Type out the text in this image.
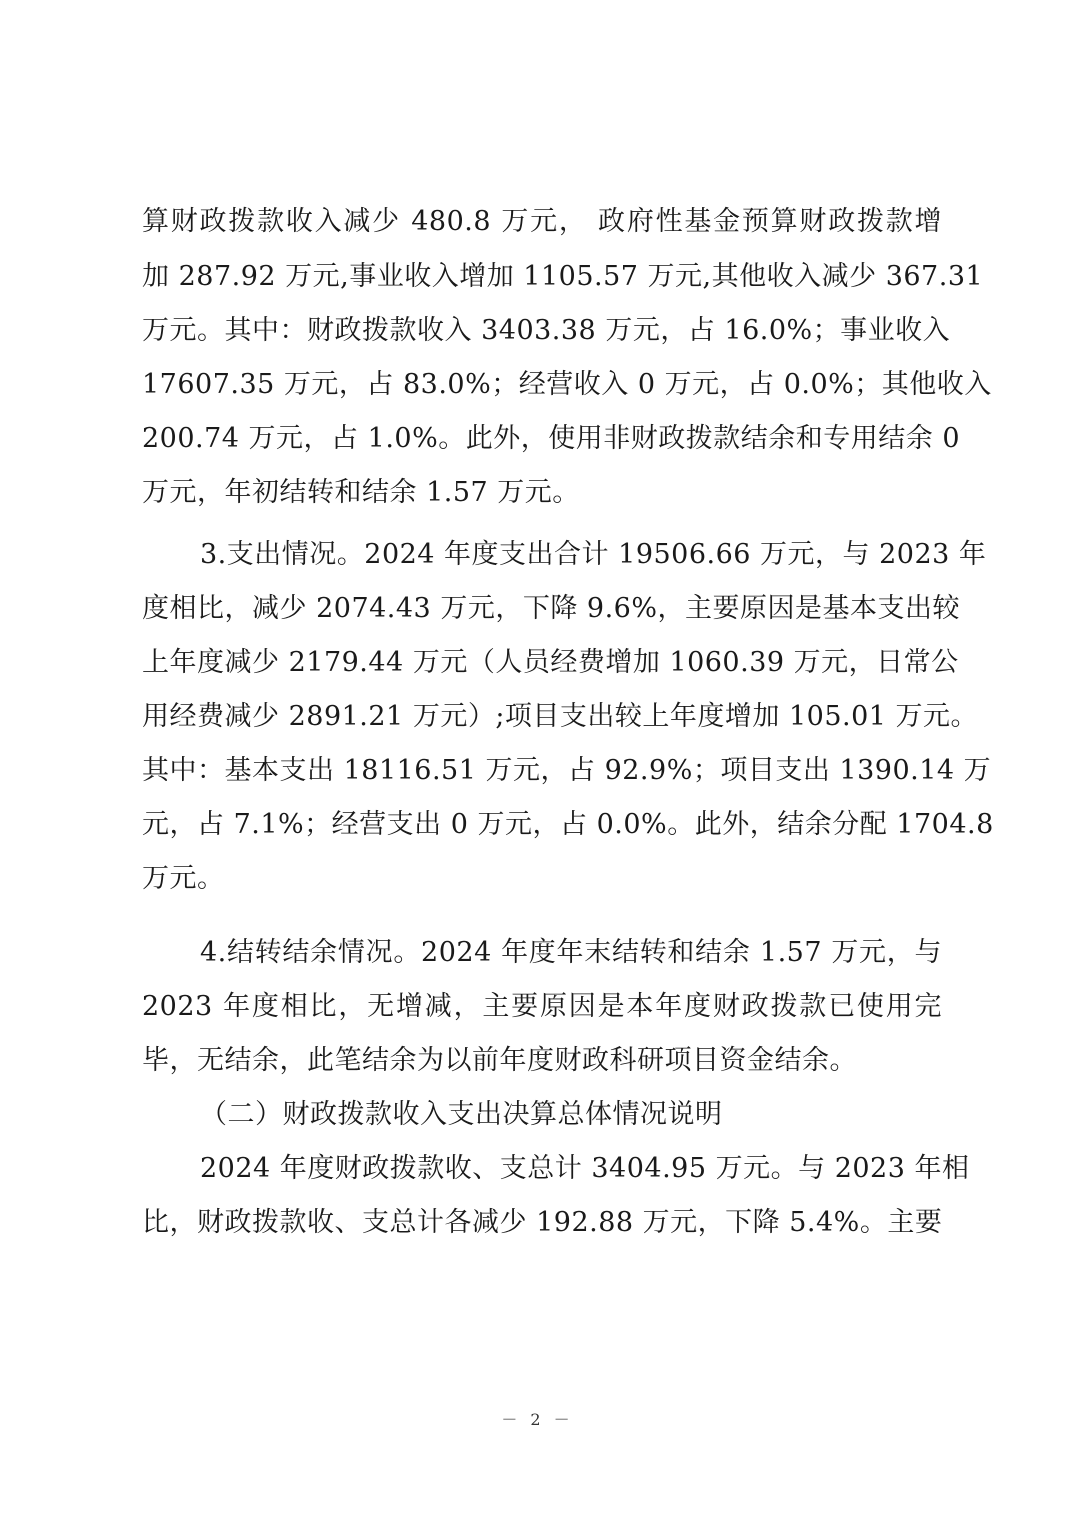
算财政拨款收入减少 480.8 万元， 政府性基金预算财政拨款增
加 287.92 万元,事业收入增加 1105.57 万元,其他收入减少 367.31
万元。其中：财政拨款收入 3403.38 万元，占 16.0%；事业收入
17607.35 万元，占 83.0%；经营收入 0 万元，占 0.0%；其他收入
200.74 万元，占 1.0%。此外，使用非财政拨款结余和专用结余 0
万元，年初结转和结余 1.57 万元。
3.支出情况。2024 年度支出合计 19506.66 万元，与 2023 年
度相比，减少 2074.43 万元，下降 9.6%，主要原因是基本支出较
上年度减少 2179.44 万元（人员经费增加 1060.39 万元，日常公
用经费减少 2891.21 万元）;项目支出较上年度增加 105.01 万元。
其中：基本支出 18116.51 万元，占 92.9%；项目支出 1390.14 万
元，占 7.1%；经营支出 0 万元，占 0.0%。此外，结余分配 1704.8
万元。
4.结转结余情况。2024 年度年末结转和结余 1.57 万元，与
2023 年度相比，无增减，主要原因是本年度财政拨款已使用完
毕，无结余，此笔结余为以前年度财政科研项目资金结余。
（二）财政拨款收入支出决算总体情况说明
2024 年度财政拨款收、支总计 3404.95 万元。与 2023 年相
比，财政拨款收、支总计各减少 192.88 万元，下降 5.4%。主要
－ 2 －
